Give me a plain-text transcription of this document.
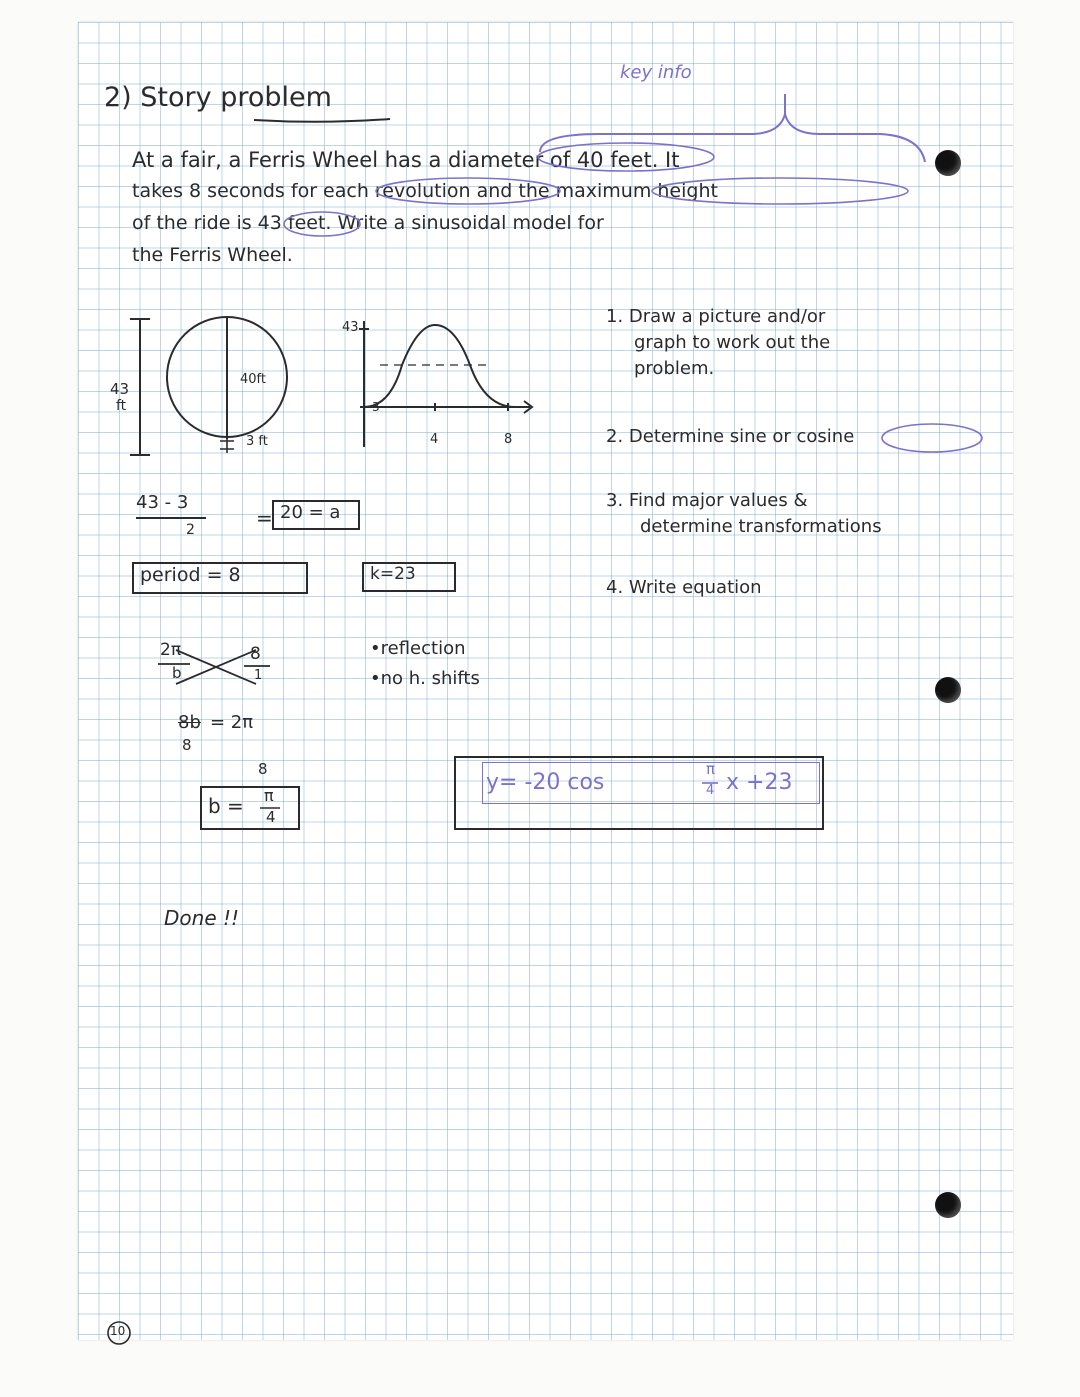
2) Story problem
key info
At a fair, a Ferris Wheel has a diameter of 40 feet. It
takes 8 seconds for each revolution and the maximum height
of the ride is 43 feet. Write a sinusoidal model for
the Ferris Wheel.
43
ft
40ft
3 ft
43
3
4	8
1. Draw a picture and/or
graph to work out the
problem.
2. Determine sine or cosine
3. Find major values &
determine transformations
4. Write equation
43 - 3
2	= 20 = a
period = 8	k=23
•reflection
•no h. shifts
2π
b
8
1
8b
8
= 2π
8
b = π
4
Done !!
y= -20 cos
π
4 x +23
10
